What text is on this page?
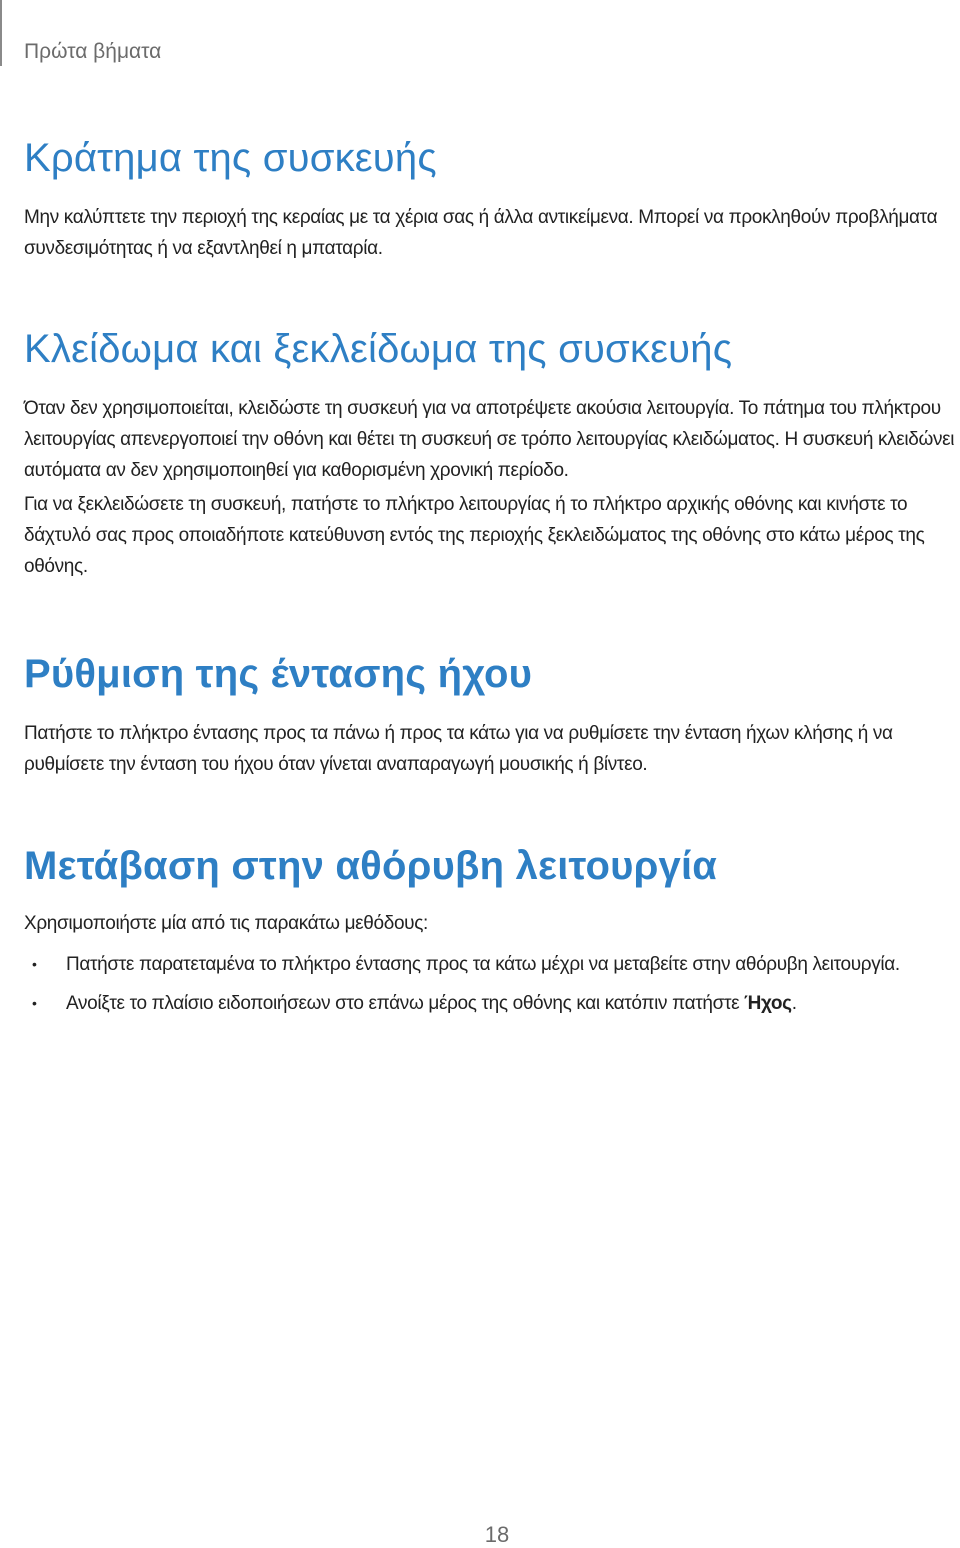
Πρώτα βήματα
Κράτημα της συσκευής

Μην καλύπτετε την περιοχή της κεραίας με τα χέρια σας ή άλλα αντικείμενα. Μπορεί να προκληθούν προβλήματα συνδεσιμότητας ή να εξαντληθεί η μπαταρία.

Κλείδωμα και ξεκλείδωμα της συσκευής

Όταν δεν χρησιμοποιείται, κλειδώστε τη συσκευή για να αποτρέψετε ακούσια λειτουργία. Το πάτημα του πλήκτρου λειτουργίας απενεργοποιεί την οθόνη και θέτει τη συσκευή σε τρόπο λειτουργίας κλειδώματος. Η συσκευή κλειδώνει αυτόματα αν δεν χρησιμοποιηθεί για καθορισμένη χρονική περίοδο.

Για να ξεκλειδώσετε τη συσκευή, πατήστε το πλήκτρο λειτουργίας ή το πλήκτρο αρχικής οθόνης και κινήστε το δάχτυλό σας προς οποιαδήποτε κατεύθυνση εντός της περιοχής ξεκλειδώματος της οθόνης στο κάτω μέρος της οθόνης.

Ρύθμιση της έντασης ήχου

Πατήστε το πλήκτρο έντασης προς τα πάνω ή προς τα κάτω για να ρυθμίσετε την ένταση ήχων κλήσης ή να ρυθμίσετε την ένταση του ήχου όταν γίνεται αναπαραγωγή μουσικής ή βίντεο.

Μετάβαση στην αθόρυβη λειτουργία

Χρησιμοποιήστε μία από τις παρακάτω μεθόδους:

• Πατήστε παρατεταμένα το πλήκτρο έντασης προς τα κάτω μέχρι να μεταβείτε στην αθόρυβη λειτουργία.
• Ανοίξτε το πλαίσιο ειδοποιήσεων στο επάνω μέρος της οθόνης και κατόπιν πατήστε Ήχος.
18
